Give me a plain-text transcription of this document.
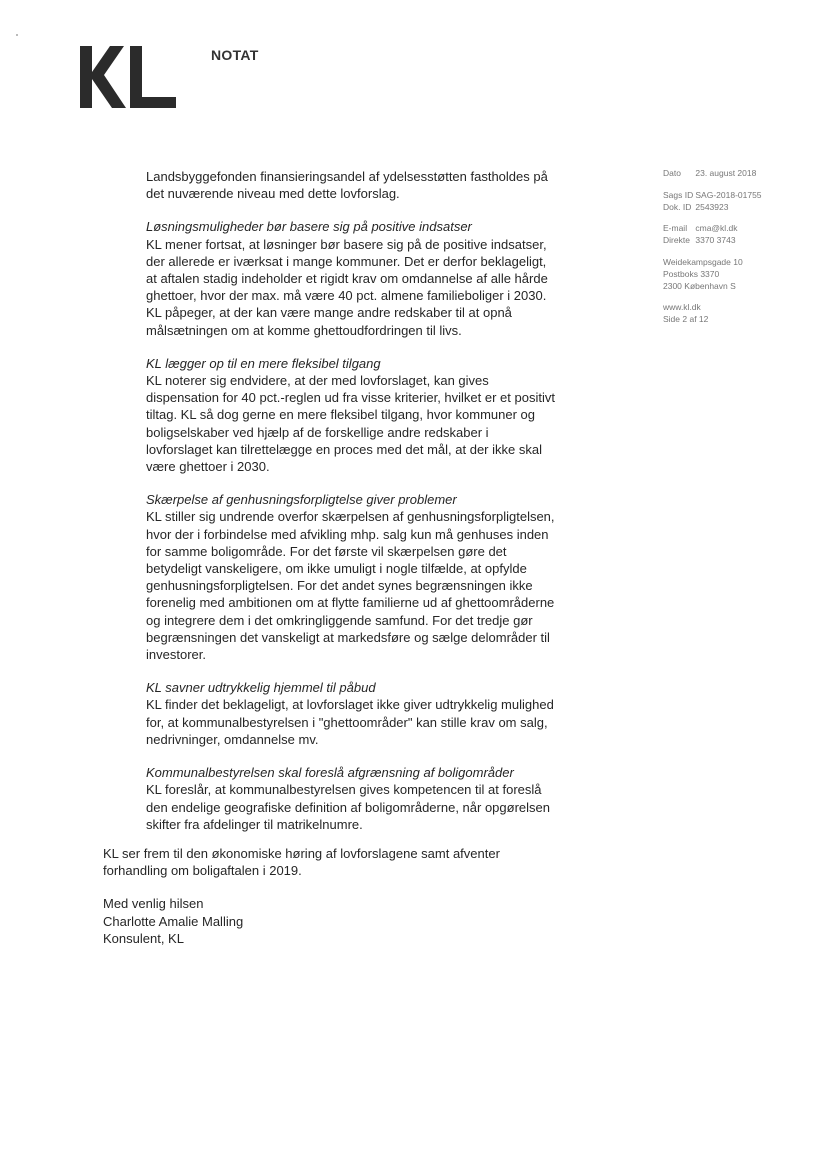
NOTAT
Dato 23. august 2018
Sags ID SAG-2018-01755
Dok. ID 2543923
E-mail cma@kl.dk
Direkte 3370 3743
Weidekampsgade 10
Postboks 3370
2300 København S
www.kl.dk
Side 2 af 12

Landsbyggefonden finansieringsandel af ydelsesstøtten fastholdes på det nuværende niveau med dette lovforslag.

Løsningsmuligheder bør basere sig på positive indsatser
KL mener fortsat, at løsninger bør basere sig på de positive indsatser, der allerede er iværksat i mange kommuner. Det er derfor beklageligt, at aftalen stadig indeholder et rigidt krav om omdannelse af alle hårde ghettoer, hvor der max. må være 40 pct. almene familieboliger i 2030. KL påpeger, at der kan være mange andre redskaber til at opnå målsætningen om at komme ghettoudfordringen til livs.
KL lægger op til en mere fleksibel tilgang
KL noterer sig endvidere, at der med lovforslaget, kan gives dispensation for 40 pct.-reglen ud fra visse kriterier, hvilket er et positivt tiltag. KL så dog gerne en mere fleksibel tilgang, hvor kommuner og boligselskaber ved hjælp af de forskellige andre redskaber i lovforslaget kan tilrettelægge en proces med det mål, at der ikke skal være ghettoer i 2030.
Skærpelse af genhusningsforpligtelse giver problemer
KL stiller sig undrende overfor skærpelsen af genhusningsforpligtelsen, hvor der i forbindelse med afvikling mhp. salg kun må genhuses inden for samme boligområde. For det første vil skærpelsen gøre det betydeligt vanskeligere, om ikke umuligt i nogle tilfælde, at opfylde genhusningsforpligtelsen. For det andet synes begrænsningen ikke forenelig med ambitionen om at flytte familierne ud af ghettoområderne og integrere dem i det omkringliggende samfund. For det tredje gør begrænsningen det vanskeligt at markedsføre og sælge delområder til investorer.
KL savner udtrykkelig hjemmel til påbud
KL finder det beklageligt, at lovforslaget ikke giver udtrykkelig mulighed for, at kommunalbestyrelsen i "ghettoområder" kan stille krav om salg, nedrivninger, omdannelse mv.
Kommunalbestyrelsen skal foreslå afgrænsning af boligområder
KL foreslår, at kommunalbestyrelsen gives kompetencen til at foreslå den endelige geografiske definition af boligområderne, når opgørelsen skifter fra afdelinger til matrikelnumre.

KL ser frem til den økonomiske høring af lovforslagene samt afventer forhandling om boligaftalen i 2019.

Med venlig hilsen
Charlotte Amalie Malling
Konsulent, KL
